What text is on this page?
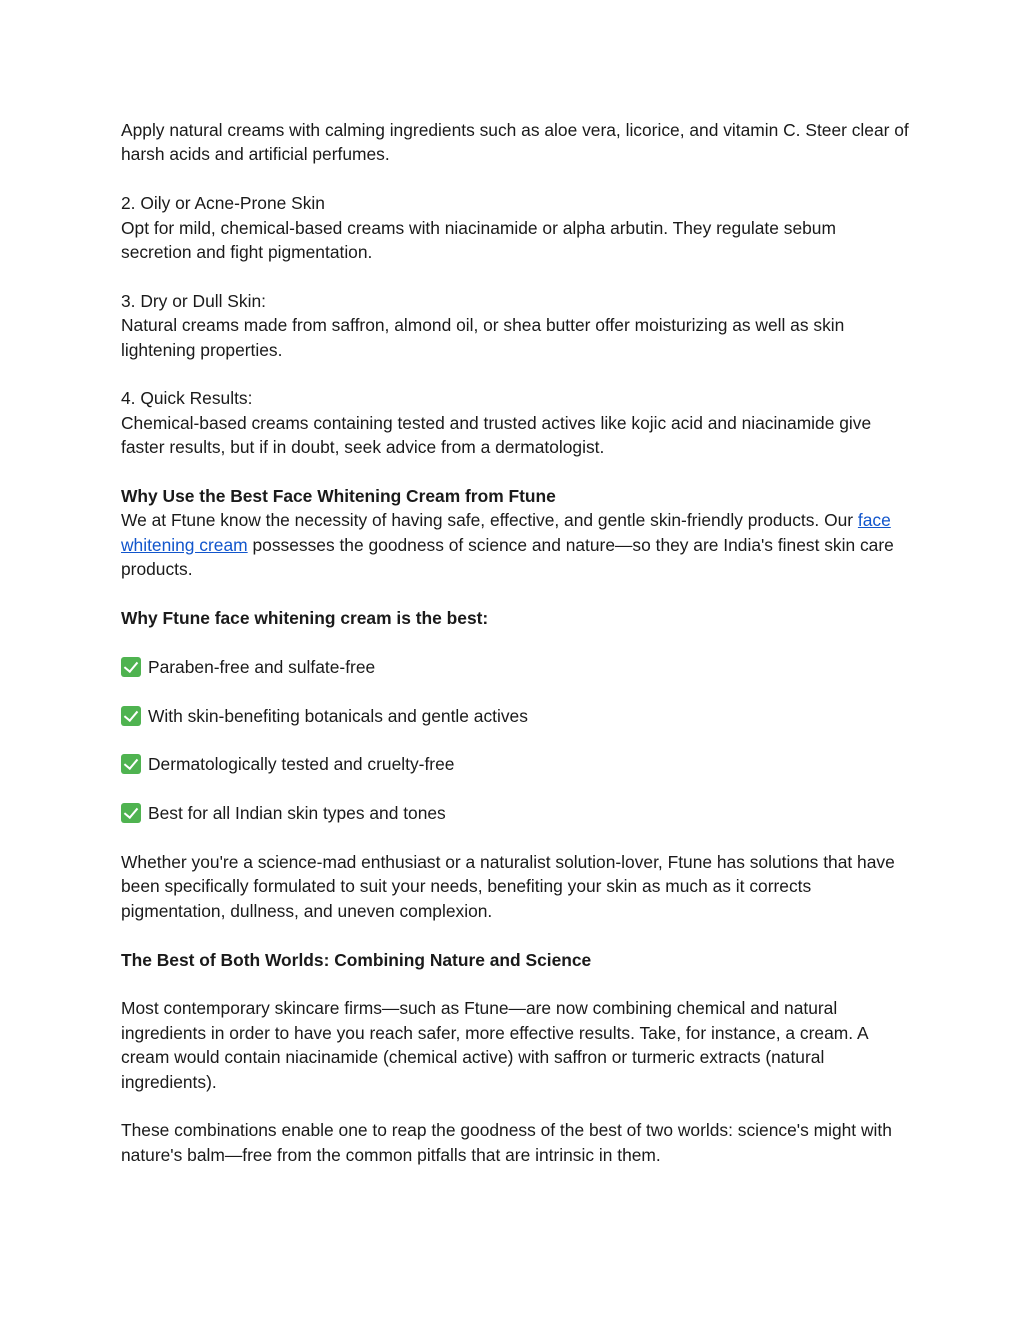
Apply natural creams with calming ingredients such as aloe vera, licorice, and vitamin C. Steer clear of harsh acids and artificial perfumes.

2. Oily or Acne-Prone Skin

Opt for mild, chemical-based creams with niacinamide or alpha arbutin. They regulate sebum secretion and fight pigmentation.

3. Dry or Dull Skin:

Natural creams made from saffron, almond oil, or shea butter offer moisturizing as well as skin lightening properties.

4. Quick Results:

Chemical-based creams containing tested and trusted actives like kojic acid and niacinamide give faster results, but if in doubt, seek advice from a dermatologist.

Why Use the Best Face Whitening Cream from Ftune

We at Ftune know the necessity of having safe, effective, and gentle skin-friendly products. Our face whitening cream possesses the goodness of science and nature—so they are India's finest skin care products.

Why Ftune face whitening cream is the best:

Paraben-free and sulfate-free

With skin-benefiting botanicals and gentle actives

Dermatologically tested and cruelty-free

Best for all Indian skin types and tones

Whether you're a science-mad enthusiast or a naturalist solution-lover, Ftune has solutions that have been specifically formulated to suit your needs, benefiting your skin as much as it corrects pigmentation, dullness, and uneven complexion.

The Best of Both Worlds: Combining Nature and Science

Most contemporary skincare firms—such as Ftune—are now combining chemical and natural ingredients in order to have you reach safer, more effective results. Take, for instance, a cream. A cream would contain niacinamide (chemical active) with saffron or turmeric extracts (natural ingredients).

These combinations enable one to reap the goodness of the best of two worlds: science's might with nature's balm—free from the common pitfalls that are intrinsic in them.
